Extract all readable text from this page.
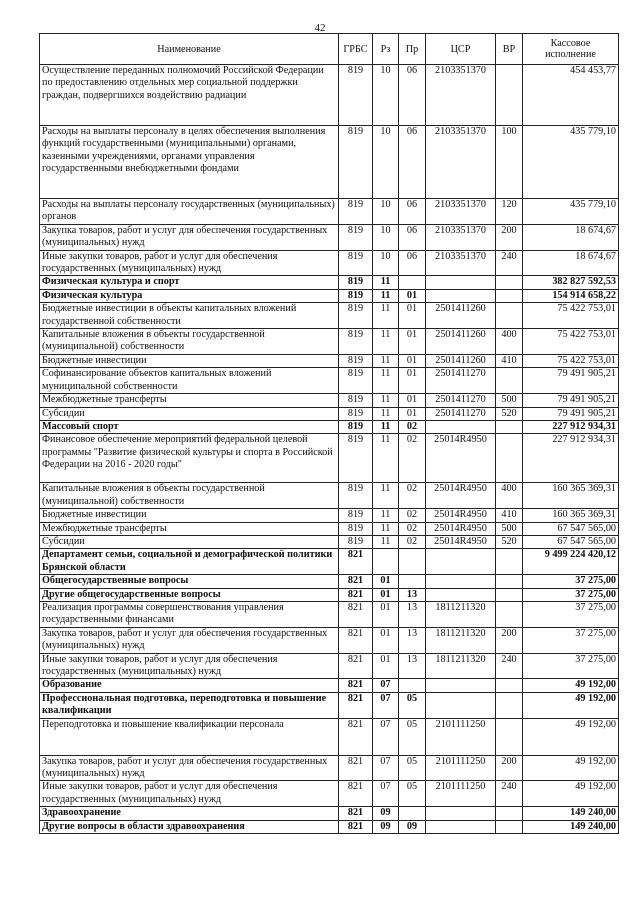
42
Наименование	ГРБС	Рз	Пр	ЦСР	ВР	Кассовое исполнение
Осуществление переданных полномочий Российской Федерации по предоставлению отдельных мер социальной поддержки граждан, подвергшихся воздействию радиации	819	10	06	2103351370		454 453,77
Расходы на выплаты персоналу в целях обеспечения выполнения функций государственными (муниципальными) органами, казенными учреждениями, органами управления государственными внебюджетными фондами	819	10	06	2103351370	100	435 779,10
Расходы на выплаты персоналу государственных (муниципальных) органов	819	10	06	2103351370	120	435 779,10
Закупка товаров, работ и услуг для обеспечения государственных (муниципальных) нужд	819	10	06	2103351370	200	18 674,67
Иные закупки товаров, работ и услуг для обеспечения государственных (муниципальных) нужд	819	10	06	2103351370	240	18 674,67
Физическая культура и спорт	819	11				382 827 592,53
Физическая культура	819	11	01			154 914 658,22
Бюджетные инвестиции в объекты капитальных вложений государственной собственности	819	11	01	2501411260		75 422 753,01
Капитальные вложения в объекты государственной (муниципальной) собственности	819	11	01	2501411260	400	75 422 753,01
Бюджетные инвестиции	819	11	01	2501411260	410	75 422 753,01
Софинансирование объектов капитальных вложений муниципальной собственности	819	11	01	2501411270		79 491 905,21
Межбюджетные трансферты	819	11	01	2501411270	500	79 491 905,21
Субсидии	819	11	01	2501411270	520	79 491 905,21
Массовый спорт	819	11	02			227 912 934,31
Финансовое обеспечение мероприятий федеральной целевой программы "Развитие физической культуры и спорта в Российской Федерации на 2016 - 2020 годы"	819	11	02	25014R4950		227 912 934,31
Капитальные вложения в объекты государственной (муниципальной) собственности	819	11	02	25014R4950	400	160 365 369,31
Бюджетные инвестиции	819	11	02	25014R4950	410	160 365 369,31
Межбюджетные трансферты	819	11	02	25014R4950	500	67 547 565,00
Субсидии	819	11	02	25014R4950	520	67 547 565,00
Департамент семьи, социальной и демографической политики Брянской области	821					9 499 224 420,12
Общегосударственные вопросы	821	01				37 275,00
Другие общегосударственные вопросы	821	01	13			37 275,00
Реализация программы совершенствования управления государственными финансами	821	01	13	1811211320		37 275,00
Закупка товаров, работ и услуг для обеспечения государственных (муниципальных) нужд	821	01	13	1811211320	200	37 275,00
Иные закупки товаров, работ и услуг для обеспечения государственных (муниципальных) нужд	821	01	13	1811211320	240	37 275,00
Образование	821	07				49 192,00
Профессиональная подготовка, переподготовка и повышение квалификации	821	07	05			49 192,00
Переподготовка и повышение квалификации персонала	821	07	05	2101111250		49 192,00
Закупка товаров, работ и услуг для обеспечения государственных (муниципальных) нужд	821	07	05	2101111250	200	49 192,00
Иные закупки товаров, работ и услуг для обеспечения государственных (муниципальных) нужд	821	07	05	2101111250	240	49 192,00
Здравоохранение	821	09				149 240,00
Другие вопросы в области здравоохранения	821	09	09			149 240,00
